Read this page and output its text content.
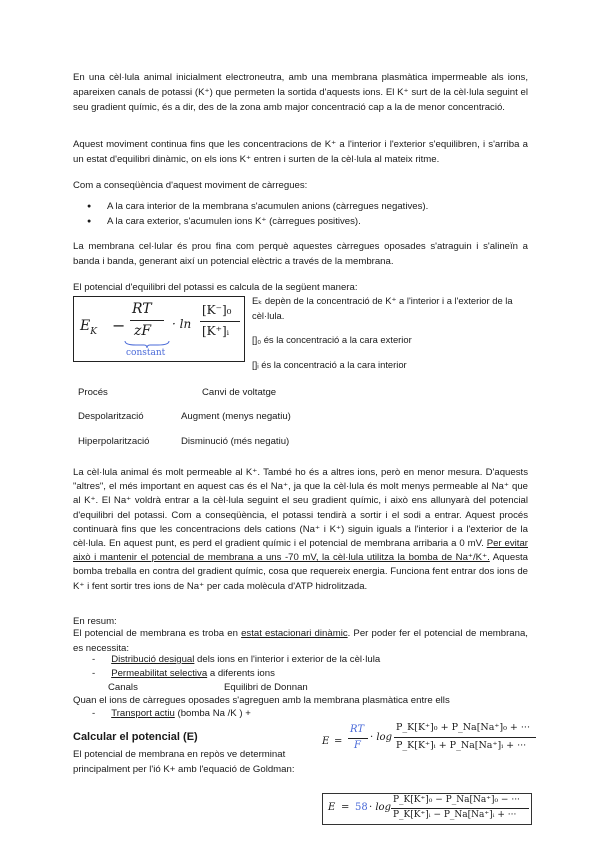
En una cèl·lula animal inicialment electroneutra, amb una membrana plasmàtica impermeable als ions, apareixen canals de potassi (K⁺) que permeten la sortida d'aquests ions. El K⁺ surt de la cèl·lula seguint el seu gradient químic, és a dir, des de la zona amb major concentració cap a la de menor concentració.

Aquest moviment continua fins que les concentracions de K⁺ a l'interior i l'exterior s'equilibren, i s'arriba a un estat d'equilibri dinàmic, on els ions K⁺ entren i surten de la cèl·lula al mateix ritme.

Com a conseqüència d'aquest moviment de càrregues:

● A la cara interior de la membrana s'acumulen anions (càrregues negatives).
● A la cara exterior, s'acumulen ions K⁺ (càrregues positives).

La membrana cel·lular és prou fina com perquè aquestes càrregues oposades s'atraguin i s'alineïn a banda i banda, generant així un potencial elèctric a través de la membrana.

El potencial d'equilibri del potassi es calcula de la següent manera:

$E_K$ −
RT
zF
constant
· ln
[K⁻]₀
[K⁺]ᵢ
Eₖ depèn de la concentració de K⁺ a l'interior i a l'exterior de la cèl·lula.
[]₀ és la concentració a la cara exterior
[]ᵢ és la concentració a la cara interior
Procés	Canvi de voltatge
Despolarització	Augment (menys negatiu)
Hiperpolarització	Disminució (més negatiu)

La cèl·lula animal és molt permeable al K⁺. També ho és a altres ions, però en menor mesura. D'aquests "altres", el més important en aquest cas és el Na⁺, ja que la cèl·lula és molt menys permeable al Na⁺ que al K⁺. El Na⁺ voldrà entrar a la cèl·lula seguint el seu gradient químic, i això ens allunyarà del potencial d'equilibri del potassi. Com a conseqüència, el potassi tendirà a sortir i el sodi a entrar. Aquest procés continuarà fins que les concentracions dels cations (Na⁺ i K⁺) siguin iguals a l'interior i a l'exterior de la cèl·lula. En aquest punt, es perd el gradient químic i el potencial de membrana arribaria a 0 mV. Per evitar això i mantenir el potencial de membrana a uns -70 mV, la cèl·lula utilitza la bomba de Na⁺/K⁺. Aquesta bomba treballa en contra del gradient químic, cosa que requereix energia. Funciona fent entrar dos ions de K⁺ i fent sortir tres ions de Na⁺ per cada molècula d'ATP hidrolitzada.

En resum:

El potencial de membrana es troba en estat estacionari dinàmic. Per poder fer el potencial de membrana, es necessita:

-      Distribució desigual dels ions en l'interior i exterior de la cèl·lula
-      Permeabilitat selectiva a diferents ions
Canals	Equilibri de Donnan

Quan el ions de càrregues oposades s'agreguen amb la membrana plasmàtica entre ells

-      Transport actiu (bomba Na /K ) +
Calcular el potencial (E)

El potencial de membrana en repòs ve determinat principalment per l'ió K+ amb l'equació de Goldman:

E =
RT
F
· log
P_K[K⁺]₀ + P_Na[Na⁺]₀ + ···
P_K[K⁺]ᵢ + P_Na[Na⁺]ᵢ + ···
E = 58 · log
P_K[K⁺]₀ − P_Na[Na⁺]₀ − ···
P_K[K⁺]ᵢ − P_Na[Na⁺]ᵢ + ···
